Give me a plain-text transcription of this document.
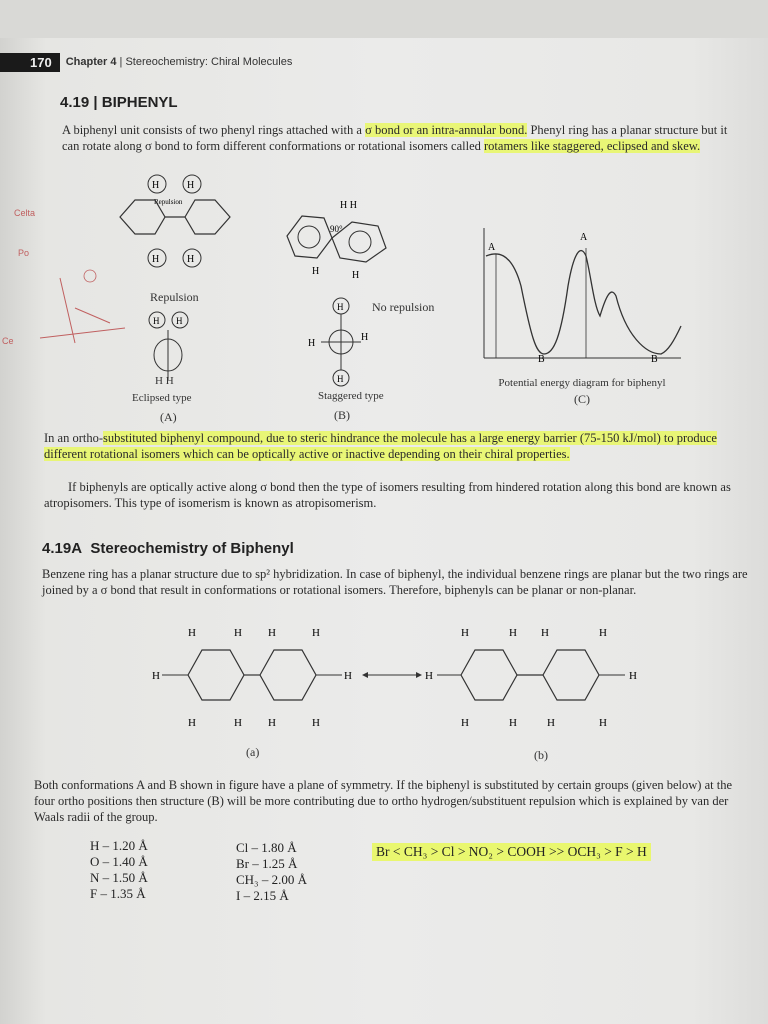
170	Chapter 4 | Stereochemistry: Chiral Molecules
4.19 | BIPHENYL
A biphenyl unit consists of two phenyl rings attached with a σ bond or an intra-annular bond. Phenyl ring has a planar structure but it can rotate along σ bond to form different conformations or rotational isomers called rotamers like staggered, eclipsed and skew.
Celta
Po
Ce
H	H
Repulsion
H	H
H H
90°
H	H
Repulsion
H H
H H
Eclipsed type
(A)
H
H
H
H
No repulsion
Staggered type
(B)
A
A
B	B
Potential energy diagram for biphenyl
(C)
In an ortho-substituted biphenyl compound, due to steric hindrance the molecule has a large energy barrier (75-150 kJ/mol) to produce different rotational isomers which can be optically active or inactive depending on their chiral properties.
If biphenyls are optically active along σ bond then the type of isomers resulting from hindered rotation along this bond are known as atropisomers. This type of isomerism is known as atropisomerism.
4.19A Stereochemistry of Biphenyl
Benzene ring has a planar structure due to sp² hybridization. In case of biphenyl, the individual benzene rings are planar but the two rings are joined by a σ bond that result in conformations or rotational isomers. Therefore, biphenyls can be planar or non-planar.
H	H H	H
H	H
H	H H	H
H	H H	H
H	H
H	H	H	H
(a)	(b)
Both conformations A and B shown in figure have a plane of symmetry. If the biphenyl is substituted by certain groups (given below) at the four ortho positions then structure (B) will be more contributing due to ortho hydrogen/substituent repulsion which is explained by van der Waals radii of the group.
H – 1.20 Å
O – 1.40 Å
N – 1.50 Å
F – 1.35 Å
Cl – 1.80 Å
Br – 1.25 Å
CH₃ – 2.00 Å
I – 2.15 Å
Br < CH₃ > Cl > NO₂ > COOH >> OCH₃ > F > H
